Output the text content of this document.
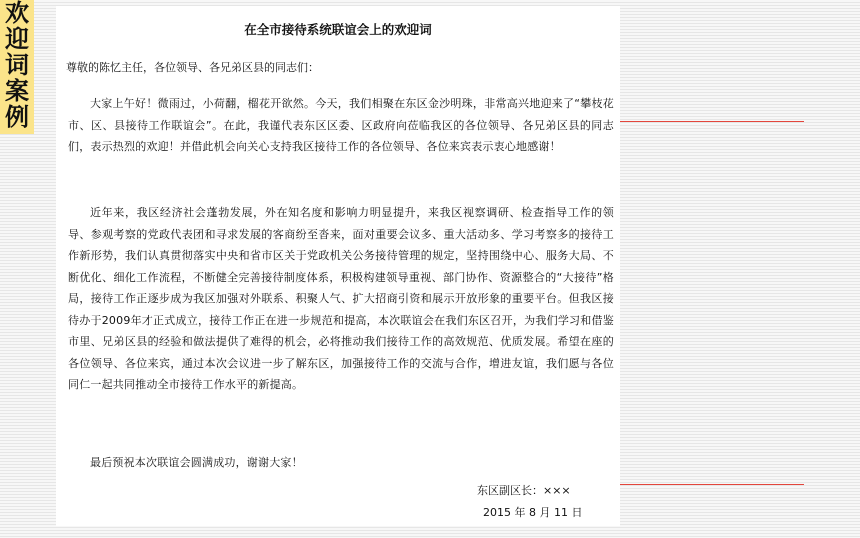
欢
迎
词
案
例
在全市接待系统联谊会上的欢迎词
尊敬的陈忆主任，各位领导、各兄弟区县的同志们：

大家上午好！微雨过，小荷翻，榴花开欲然。今天，我们相聚在东区金沙明珠，非常高兴地迎来了“攀枝花市、区、县接待工作联谊会”。在此，我谨代表东区区委、区政府向莅临我区的各位领导、各兄弟区县的同志们，表示热烈的欢迎！并借此机会向关心支持我区接待工作的各位领导、各位来宾表示衷心地感谢！

近年来，我区经济社会蓬勃发展，外在知名度和影响力明显提升，来我区视察调研、检查指导工作的领导、参观考察的党政代表团和寻求发展的客商纷至沓来，面对重要会议多、重大活动多、学习考察多的接待工作新形势，我们认真贯彻落实中央和省市区关于党政机关公务接待管理的规定，坚持围绕中心、服务大局、不断优化、细化工作流程，不断健全完善接待制度体系，积极构建领导重视、部门协作、资源整合的“大接待”格局，接待工作正逐步成为我区加强对外联系、积聚人气、扩大招商引资和展示开放形象的重要平台。但我区接待办于2009年才正式成立，接待工作正在进一步规范和提高，本次联谊会在我们东区召开，为我们学习和借鉴市里、兄弟区县的经验和做法提供了难得的机会，必将推动我们接待工作的高效规范、优质发展。希望在座的各位领导、各位来宾，通过本次会议进一步了解东区，加强接待工作的交流与合作，增进友谊，我们愿与各位同仁一起共同推动全市接待工作水平的新提高。

最后预祝本次联谊会圆满成功，谢谢大家！

东区副区长：×××
2015 年 8 月 11 日
